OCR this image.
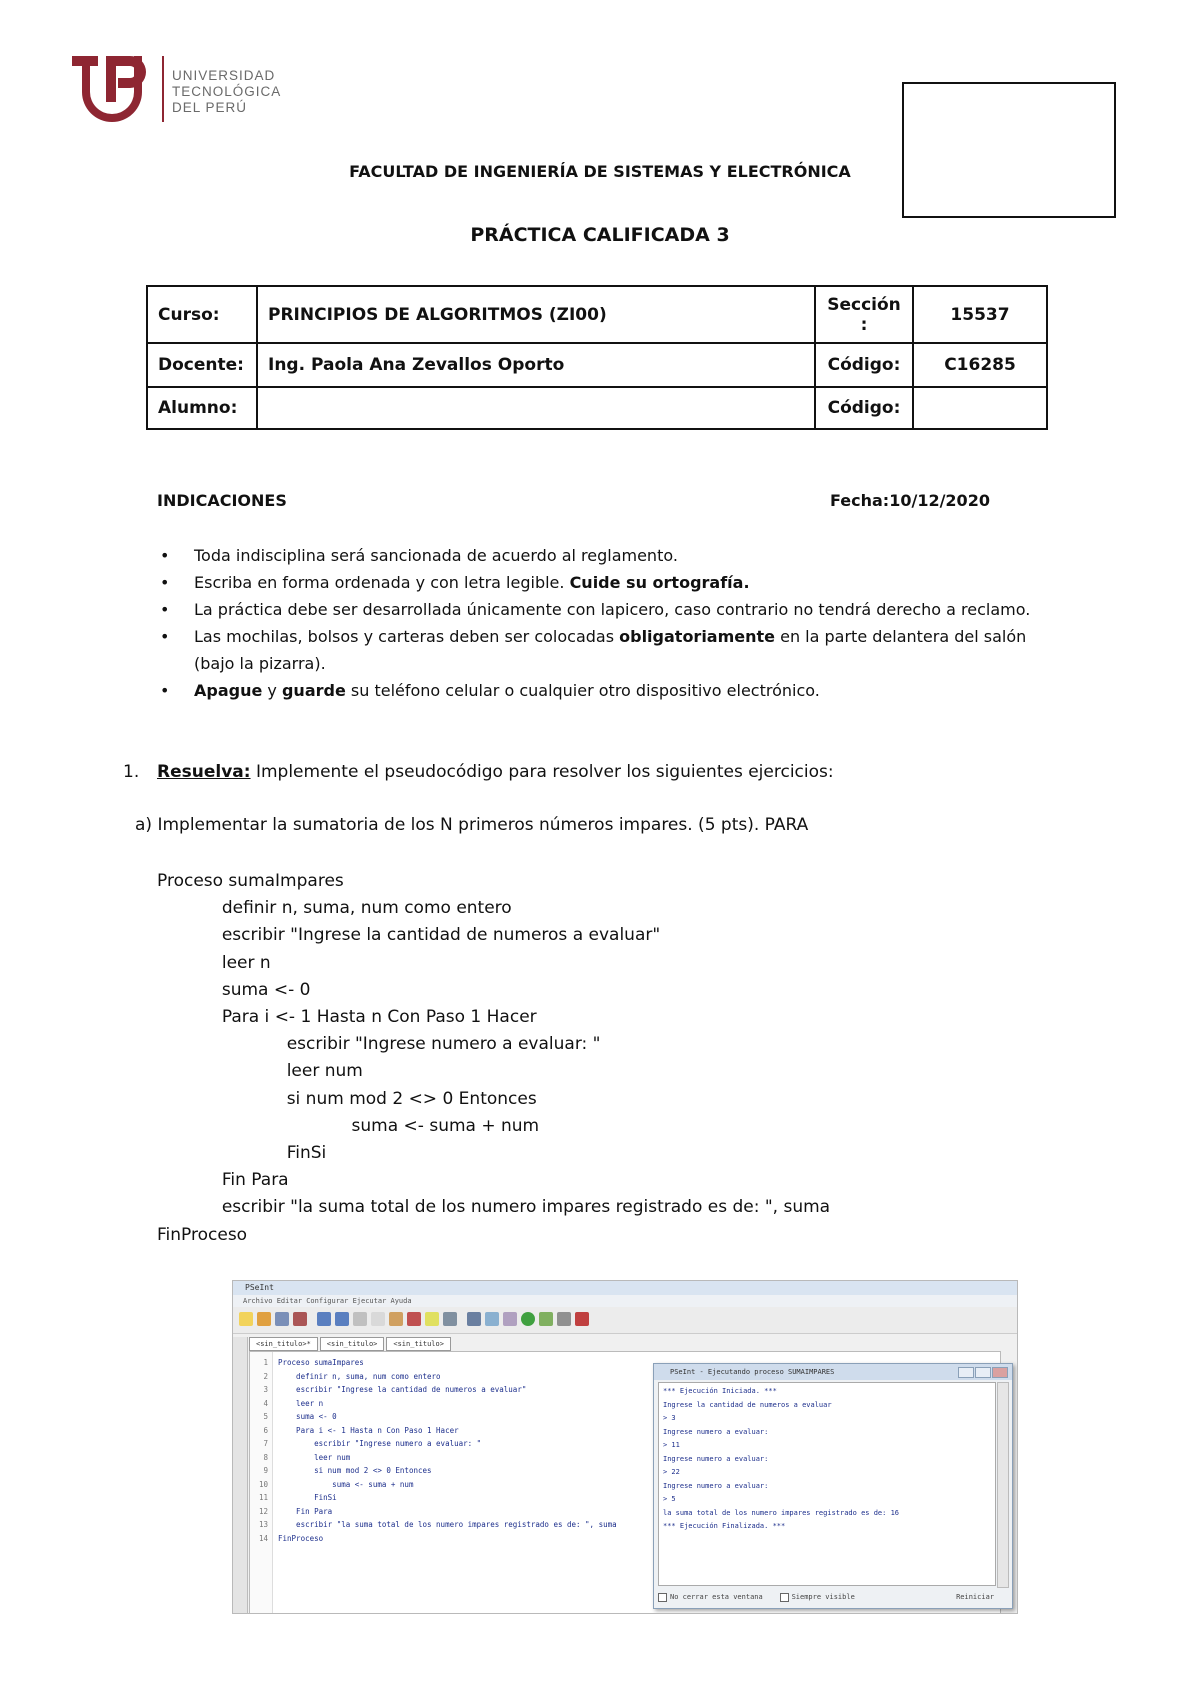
UNIVERSIDAD
TECNOLÓGICA
DEL PERÚ
FACULTAD DE INGENIERÍA DE SISTEMAS Y ELECTRÓNICA
PRÁCTICA CALIFICADA 3
Curso:	PRINCIPIOS DE ALGORITMOS (ZI00)	Sección :	15537
Docente:	Ing. Paola Ana Zevallos Oporto	Código:	C16285
Alumno:		Código:	
INDICACIONES	Fecha:10/12/2020
• Toda indisciplina será sancionada de acuerdo al reglamento.
• Escriba en forma ordenada y con letra legible. Cuide su ortografía.
• La práctica debe ser desarrollada únicamente con lapicero, caso contrario no tendrá derecho a reclamo.
• Las mochilas, bolsos y carteras deben ser colocadas obligatoriamente en la parte delantera del salón (bajo la pizarra).
• Apague y guarde su teléfono celular o cualquier otro dispositivo electrónico.
1. Resuelva: Implemente el pseudocódigo para resolver los siguientes ejercicios:
a) Implementar la sumatoria de los N primeros números impares. (5 pts). PARA
Proceso sumaImpares
definir n, suma, num como entero
escribir "Ingrese la cantidad de numeros a evaluar"
leer n
suma <- 0
Para i <- 1 Hasta n Con Paso 1 Hacer
escribir "Ingrese numero a evaluar: "
leer num
si num mod 2 <> 0 Entonces
suma <- suma + num
FinSi
Fin Para
escribir "la suma total de los numero impares registrado es de: ", suma
FinProceso
PSeInt
Archivo Editar Configurar Ejecutar Ayuda
<sin_titulo>* <sin_titulo> <sin_titulo>
1
2
3
4
5
6
7
8
9
10
11
12
13
14
Proceso sumaImpares
definir n, suma, num como entero
escribir "Ingrese la cantidad de numeros a evaluar"
leer n
suma <- 0
Para i <- 1 Hasta n Con Paso 1 Hacer
escribir "Ingrese numero a evaluar: "
leer num
si num mod 2 <> 0 Entonces
suma <- suma + num
FinSi
Fin Para
escribir "la suma total de los numero impares registrado es de: ", suma
FinProceso
PSeInt - Ejecutando proceso SUMAIMPARES
*** Ejecución Iniciada. ***
Ingrese la cantidad de numeros a evaluar
> 3
Ingrese numero a evaluar:
> 11
Ingrese numero a evaluar:
> 22
Ingrese numero a evaluar:
> 5
la suma total de los numero impares registrado es de: 16
*** Ejecución Finalizada. ***
No cerrar esta ventana	Siempre visible	Reiniciar
